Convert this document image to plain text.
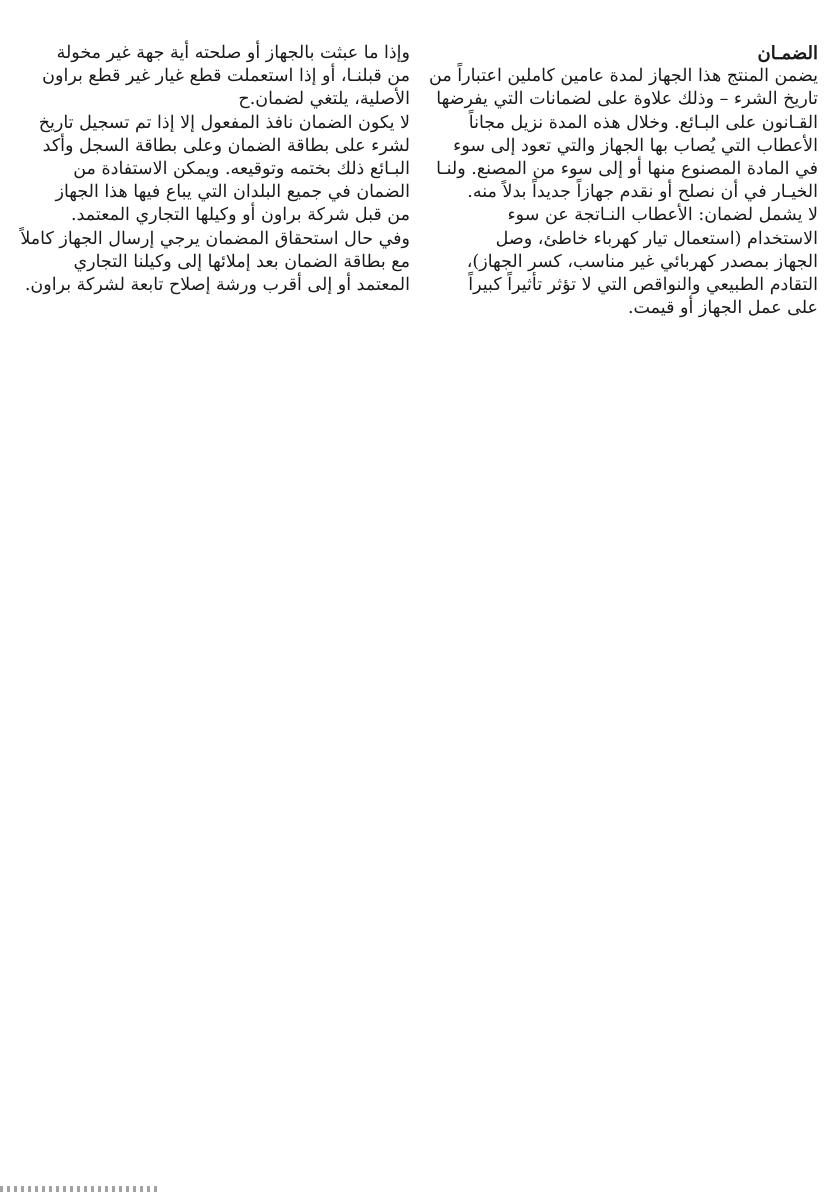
الضمـان

يضمن المنتج هذا الجهاز لمدة عامين كاملين اعتباراً من
تاريخ الشرء – وذلك علاوة على لضمانات التي يفرضها
القـانون على البـائع. وخلال هذه المدة نزيل مجاناً
الأعطاب التي يُصاب بها الجهاز والتي تعود إلى سوء
في المادة المصنوع منها أو إلى سوء من المصنع. ولنـا
الخيـار في أن نصلح أو نقدم جهازاً جديداً بدلاً منه.
لا يشمل لضمان: الأعطاب النـاتجة عن سوء
الاستخدام (استعمال تيار كهرباء خاطئ، وصل
الجهاز بمصدر كهربائي غير مناسب، كسر الجهاز)،
التقادم الطبيعي والنواقص التي لا تؤثر تأثيراً كبيراً
على عمل الجهاز أو قيمت.
وإذا ما عبثت بالجهاز أو صلحته أية جهة غير مخولة
من قبلنـا، أو إذا استعملت قطع غيار غير قطع براون
الأصلية، يلتغي لضمان.ح
لا يكون الضمان نافذ المفعول إلا إذا تم تسجيل تاريخ
لشرء على بطاقة الضمان وعلى بطاقة السجل وأكد
البـائع ذلك بختمه وتوقيعه. ويمكن الاستفادة من
الضمان في جميع البلدان التي يباع فيها هذا الجهاز
من قبل شركة براون أو وكيلها التجاري المعتمد.
وفي حال استحقاق المضمان يرجي إرسال الجهاز كاملاً
مع بطاقة الضمان بعد إملائها إلى وكيلنا التجاري
المعتمد أو إلى أقرب ورشة إصلاح تابعة لشركة براون.
